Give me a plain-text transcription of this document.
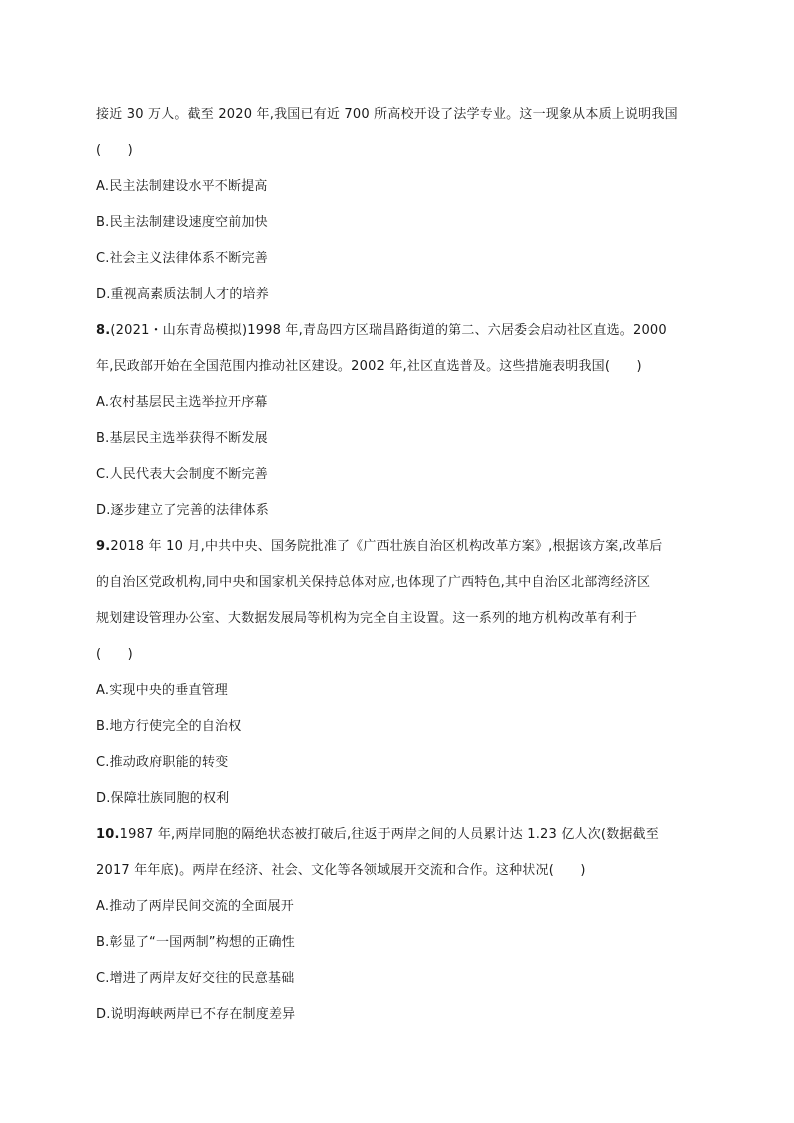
接近 30 万人。截至 2020 年,我国已有近 700 所高校开设了法学专业。这一现象从本质上说明我国
(　　)
A.民主法制建设水平不断提高
B.民主法制建设速度空前加快
C.社会主义法律体系不断完善
D.重视高素质法制人才的培养
8.(2021・山东青岛模拟)1998 年,青岛四方区瑞昌路街道的第二、六居委会启动社区直选。2000
年,民政部开始在全国范围内推动社区建设。2002 年,社区直选普及。这些措施表明我国(　　)
A.农村基层民主选举拉开序幕
B.基层民主选举获得不断发展
C.人民代表大会制度不断完善
D.逐步建立了完善的法律体系
9.2018 年 10 月,中共中央、国务院批准了《广西壮族自治区机构改革方案》,根据该方案,改革后
的自治区党政机构,同中央和国家机关保持总体对应,也体现了广西特色,其中自治区北部湾经济区
规划建设管理办公室、大数据发展局等机构为完全自主设置。这一系列的地方机构改革有利于
(　　)
A.实现中央的垂直管理
B.地方行使完全的自治权
C.推动政府职能的转变
D.保障壮族同胞的权利
10.1987 年,两岸同胞的隔绝状态被打破后,往返于两岸之间的人员累计达 1.23 亿人次(数据截至
2017 年年底)。两岸在经济、社会、文化等各领域展开交流和合作。这种状况(　　)
A.推动了两岸民间交流的全面展开
B.彰显了“一国两制”构想的正确性
C.增进了两岸友好交往的民意基础
D.说明海峡两岸已不存在制度差异
